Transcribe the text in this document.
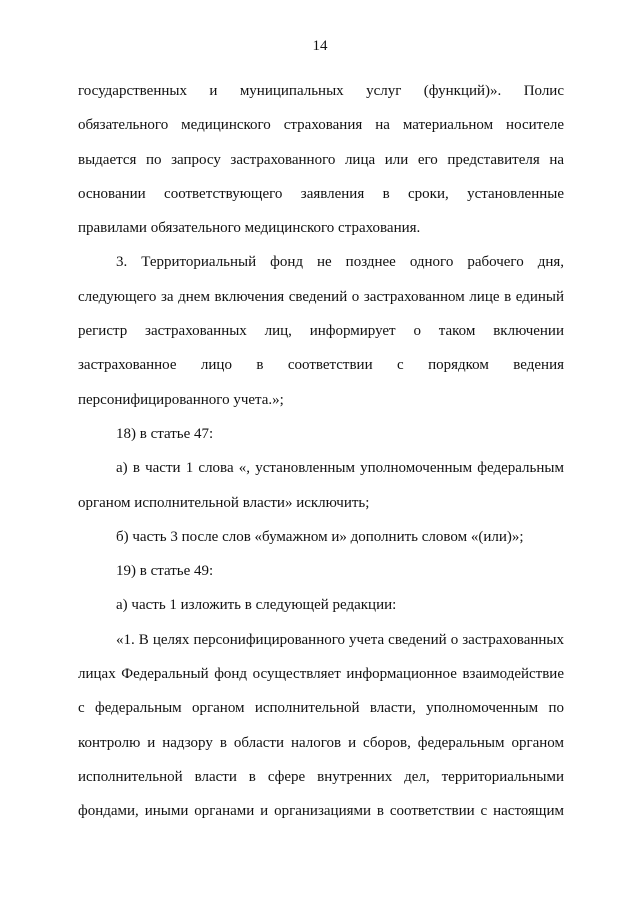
14
государственных и муниципальных услуг (функций)». Полис
обязательного медицинского страхования на материальном носителе
выдается по запросу застрахованного лица или его представителя на
основании соответствующего заявления в сроки, установленные
правилами обязательного медицинского страхования.
3. Территориальный фонд не позднее одного рабочего дня,
следующего за днем включения сведений о застрахованном лице в единый
регистр застрахованных лиц, информирует о таком включении
застрахованное лицо в соответствии с порядком ведения
персонифицированного учета.»;
18) в статье 47:
а) в части 1 слова «, установленным уполномоченным федеральным
органом исполнительной власти» исключить;
б) часть 3 после слов «бумажном и» дополнить словом «(или)»;
19) в статье 49:
а) часть 1 изложить в следующей редакции:
«1. В целях персонифицированного учета сведений о застрахованных
лицах Федеральный фонд осуществляет информационное взаимодействие
с федеральным органом исполнительной власти, уполномоченным по
контролю и надзору в области налогов и сборов, федеральным органом
исполнительной власти в сфере внутренних дел, территориальными
фондами, иными органами и организациями в соответствии с настоящим
